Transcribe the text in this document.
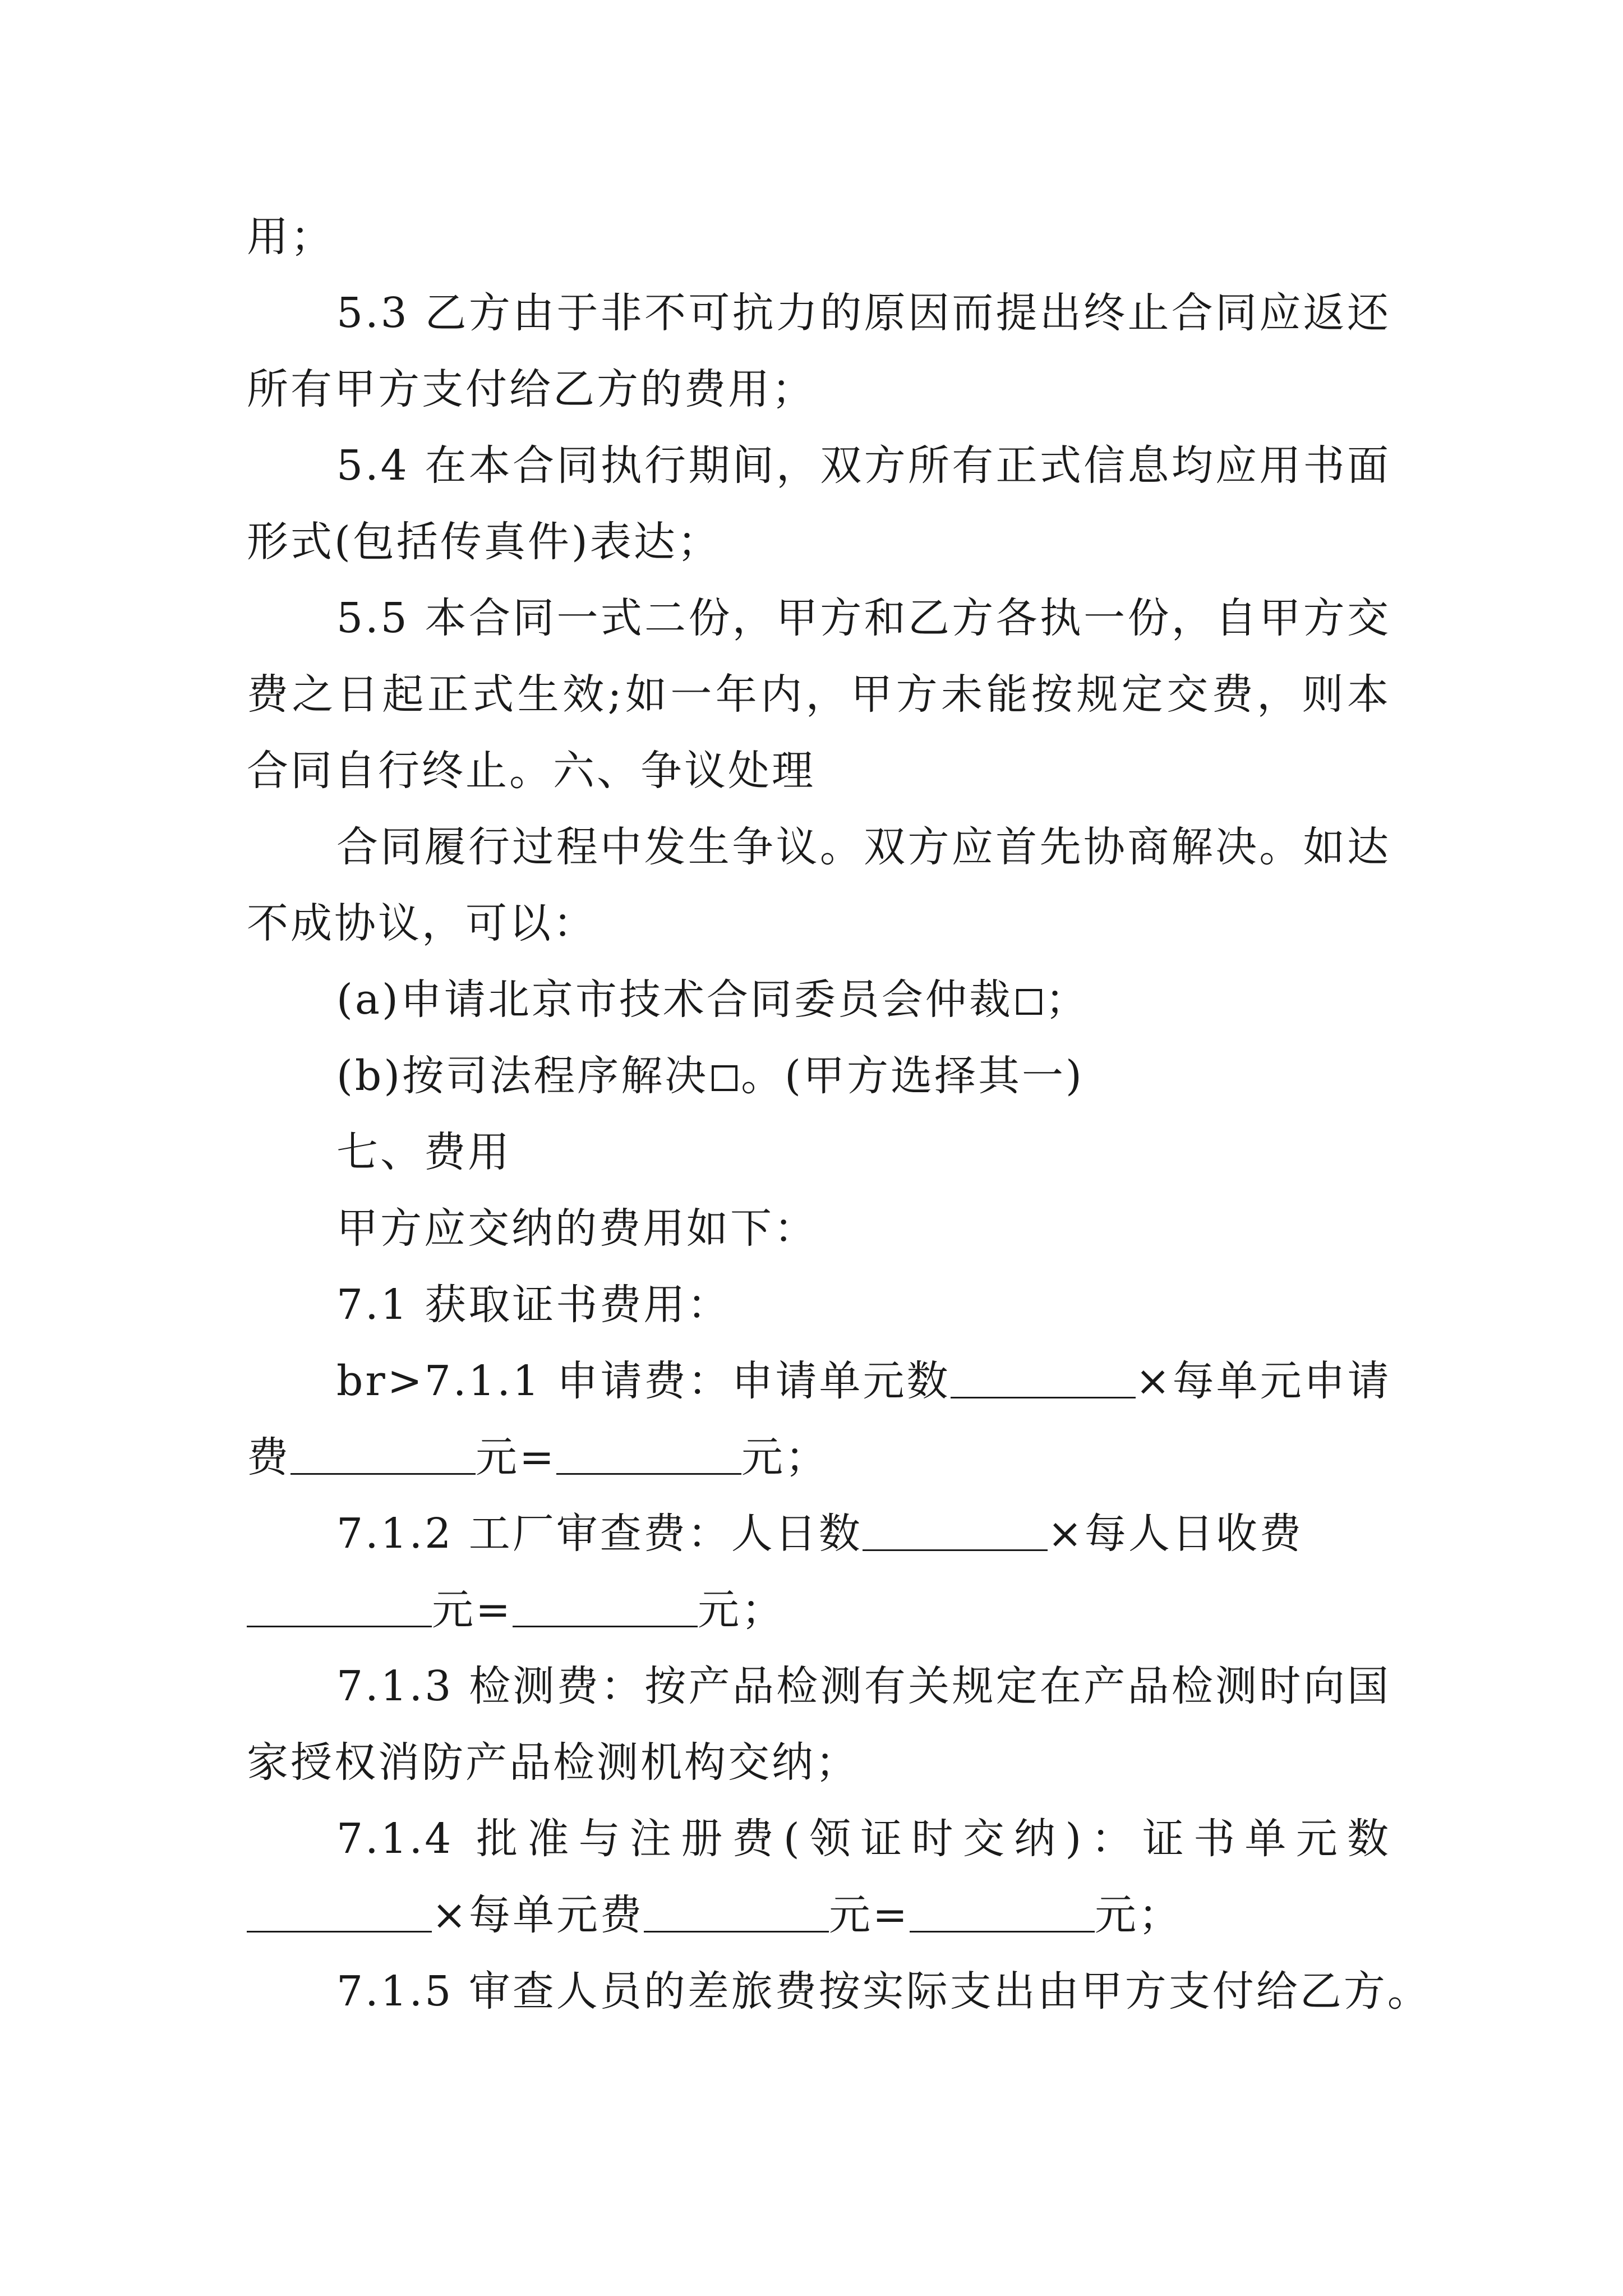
用；
5.3 乙方由于非不可抗力的原因而提出终止合同应返还
所有甲方支付给乙方的费用；
5.4 在本合同执行期间，双方所有正式信息均应用书面
形式(包括传真件)表达；
5.5 本合同一式二份，甲方和乙方各执一份，自甲方交
费之日起正式生效;如一年内，甲方未能按规定交费，则本
合同自行终止。六、争议处理
合同履行过程中发生争议。双方应首先协商解决。如达
不成协议，可以：
(a)申请北京市技术合同委员会仲裁 ；
(b)按司法程序解决 。(甲方选择其一)
七、费用
甲方应交纳的费用如下：
7.1 获取证书费用：
br>7.1.1 申请费：申请单元数	×每单元申请
费	元=	元；
7.1.2 工厂审查费：人日数	×每人日收费
元=	元；
7.1.3 检测费：按产品检测有关规定在产品检测时向国
家授权消防产品检测机构交纳；
7.1.4 批准与注册费(领证时交纳)：证书单元数
×每单元费	元=	元；
7.1.5 审查人员的差旅费按实际支出由甲方支付给乙方。
